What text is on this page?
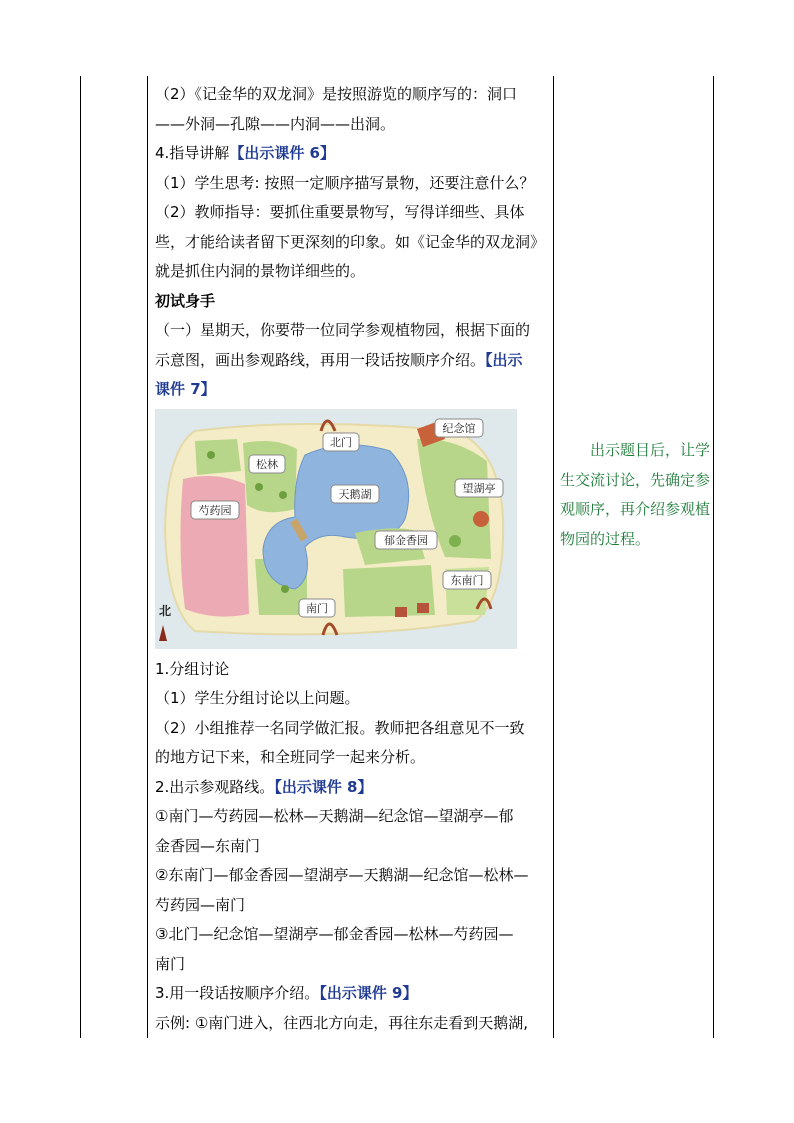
（2）《记金华的双龙洞》是按照游览的顺序写的：洞口
——外洞—孔隙——内洞——出洞。
4.指导讲解【出示课件 6】
（1）学生思考: 按照一定顺序描写景物，还要注意什么？
（2）教师指导：要抓住重要景物写，写得详细些、具体
些，才能给读者留下更深刻的印象。如《记金华的双龙洞》
就是抓住内洞的景物详细些的。
初试身手
（一）星期天，你要带一位同学参观植物园，根据下面的
示意图，画出参观路线，再用一段话按顺序介绍。【出示
课件 7】
北门
纪念馆
松林
望湖亭
天鹅湖
芍药园
郁金香园
东南门
南门
北
1.分组讨论
（1）学生分组讨论以上问题。
（2）小组推荐一名同学做汇报。教师把各组意见不一致
的地方记下来，和全班同学一起来分析。
2.出示参观路线。【出示课件 8】
①南门—芍药园—松林—天鹅湖—纪念馆—望湖亭—郁
金香园—东南门
②东南门—郁金香园—望湖亭—天鹅湖—纪念馆—松林—
芍药园—南门
③北门—纪念馆—望湖亭—郁金香园—松林—芍药园—
南门
3.用一段话按顺序介绍。【出示课件 9】
示例: ①南门进入，往西北方向走，再往东走看到天鹅湖,
出示题目后，让学
生交流讨论，先确定参
观顺序，再介绍参观植
物园的过程。
